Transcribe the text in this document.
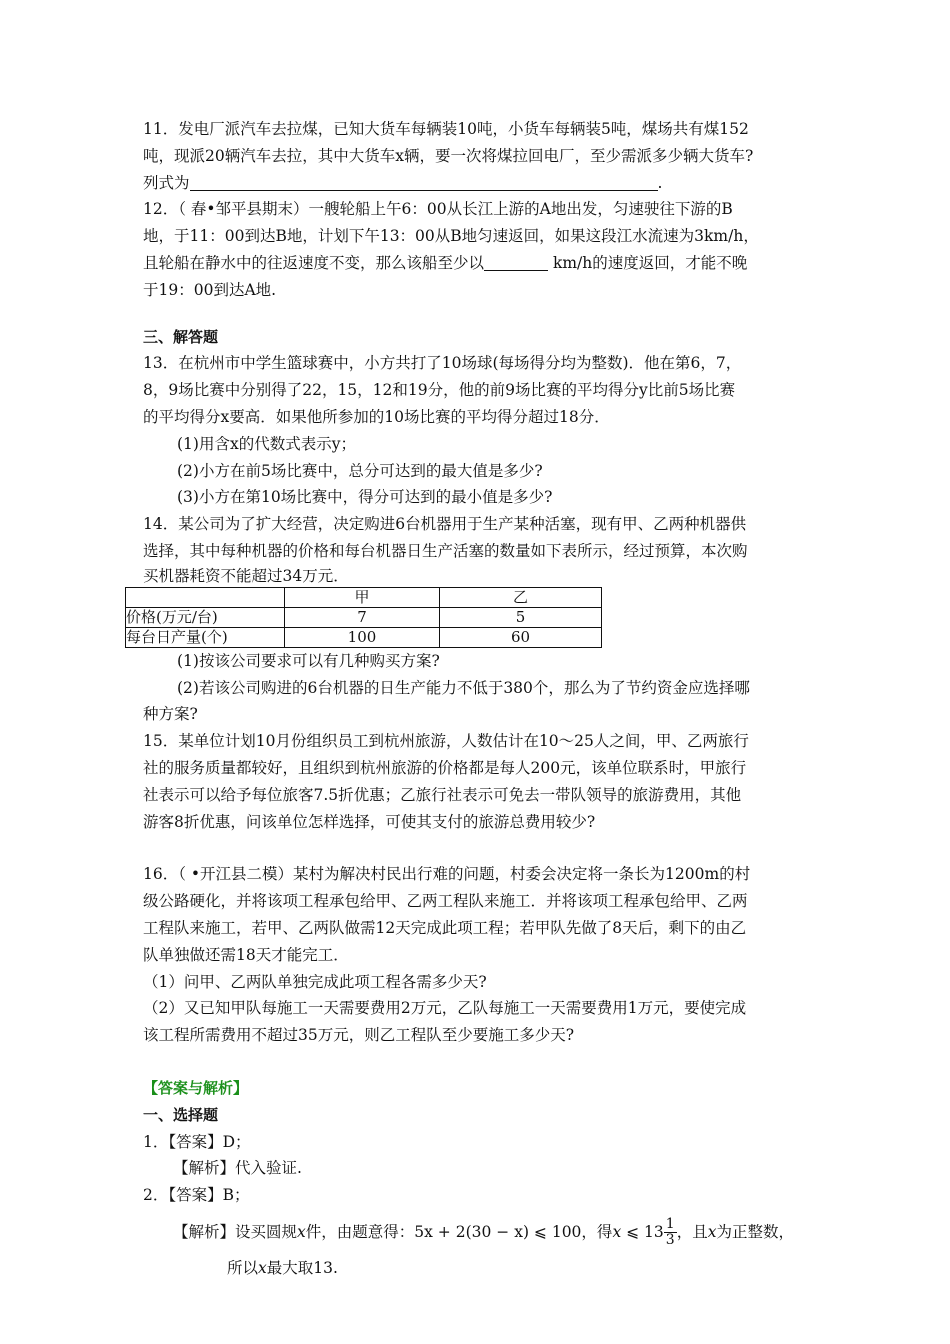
11．发电厂派汽车去拉煤，已知大货车每辆装10吨，小货车每辆装5吨，煤场共有煤152
吨，现派20辆汽车去拉，其中大货车x辆，要一次将煤拉回电厂，至少需派多少辆大货车?
列式为	.
12．（ 春•邹平县期末）一艘轮船上午6：00从长江上游的A地出发，匀速驶往下游的B
地，于11：00到达B地，计划下午13：00从B地匀速返回，如果这段江水流速为3km/h，
且轮船在静水中的往返速度不变，那么该船至少以	km/h的速度返回，才能不晚
于19：00到达A地.
三、解答题
13．在杭州市中学生篮球赛中，小方共打了10场球(每场得分均为整数)．他在第6，7，
8，9场比赛中分别得了22，15，12和19分，他的前9场比赛的平均得分y比前5场比赛
的平均得分x要高．如果他所参加的10场比赛的平均得分超过18分．
(1)用含x的代数式表示y；
(2)小方在前5场比赛中，总分可达到的最大值是多少?
(3)小方在第10场比赛中，得分可达到的最小值是多少?
14．某公司为了扩大经营，决定购进6台机器用于生产某种活塞，现有甲、乙两种机器供
选择，其中每种机器的价格和每台机器日生产活塞的数量如下表所示，经过预算，本次购
买机器耗资不能超过34万元．
	甲	乙
价格(万元/台)	7	5
每台日产量(个)	100	60
(1)按该公司要求可以有几种购买方案?
(2)若该公司购进的6台机器的日生产能力不低于380个，那么为了节约资金应选择哪
种方案?
15．某单位计划10月份组织员工到杭州旅游，人数估计在10～25人之间，甲、乙两旅行
社的服务质量都较好，且组织到杭州旅游的价格都是每人200元，该单位联系时，甲旅行
社表示可以给予每位旅客7.5折优惠；乙旅行社表示可免去一带队领导的旅游费用，其他
游客8折优惠，问该单位怎样选择，可使其支付的旅游总费用较少?
16．（ •开江县二模）某村为解决村民出行难的问题，村委会决定将一条长为1200m的村
级公路硬化，并将该项工程承包给甲、乙两工程队来施工．并将该项工程承包给甲、乙两
工程队来施工，若甲、乙两队做需12天完成此项工程；若甲队先做了8天后，剩下的由乙
队单独做还需18天才能完工．
（1）问甲、乙两队单独完成此项工程各需多少天?
（2）又已知甲队每施工一天需要费用2万元，乙队每施工一天需要费用1万元，要使完成
该工程所需费用不超过35万元，则乙工程队至少要施工多少天?
【答案与解析】
一、选择题
1．【答案】D；
【解析】代入验证.
2．【答案】B；
【解析】设买圆规x件，由题意得：5x + 2(30 − x) ⩽ 100，得x ⩽ $13 \frac{1}{3}$ ，且x为正整数，
所以x最大取13.
